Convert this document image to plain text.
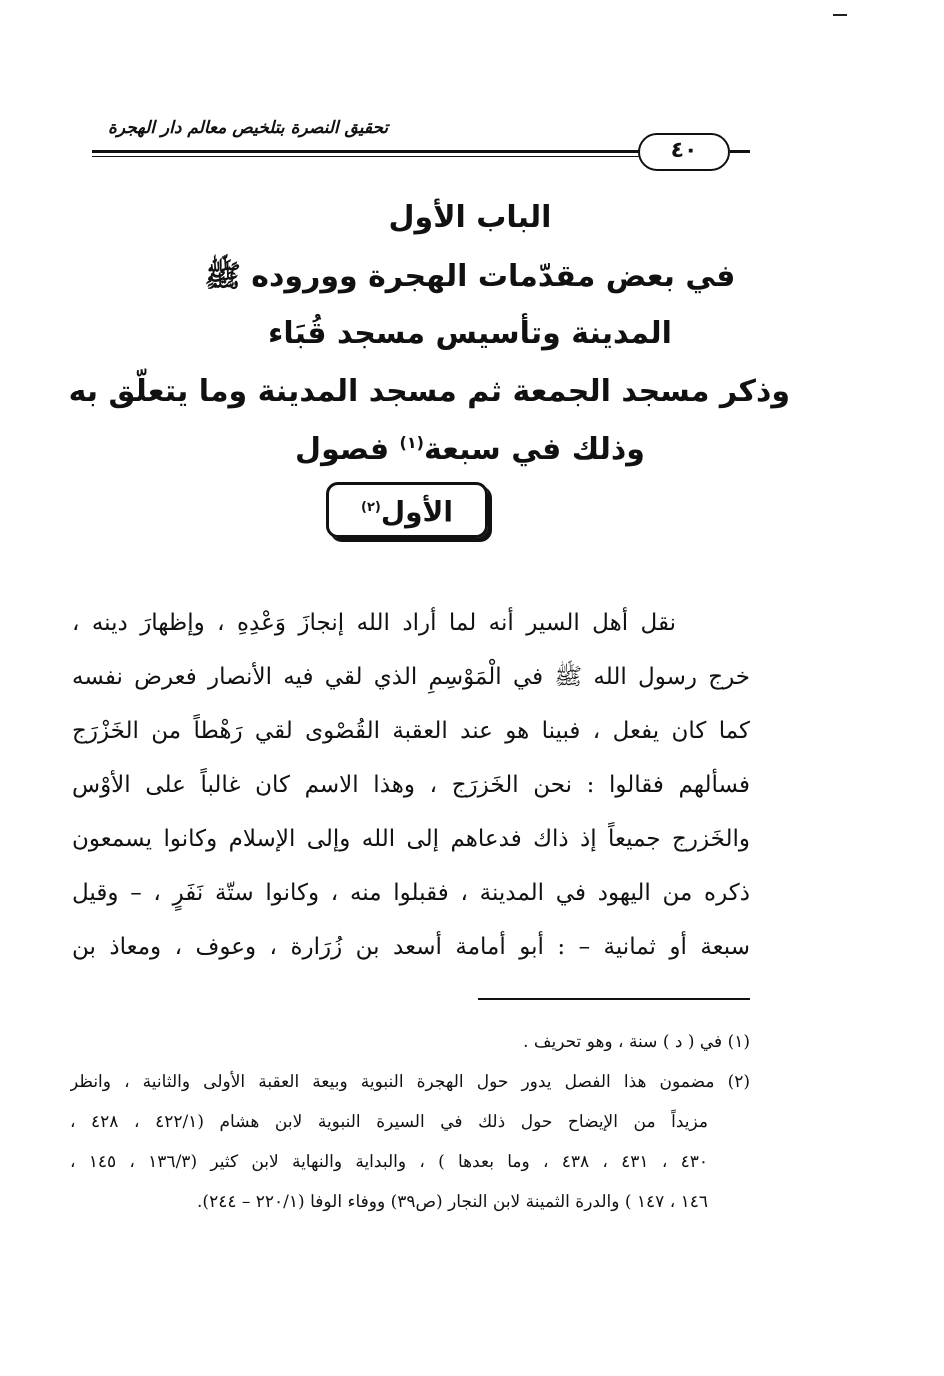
تحقيق النصرة بتلخيص معالم دار الهجرة
٤٠
الباب الأول
في بعض مقدّمات الهجرة ووروده ﷺ
المدينة وتأسيس مسجد قُبَاء
وذكر مسجد الجمعة ثم مسجد المدينة وما يتعلّق به
وذلك في سبعة$^{(١)}$ فصول
الأول$^{(٢)}$
نقل أهل السير أنه لما أراد الله إنجازَ وَعْدِهِ ، وإظهارَ دينه ،
خرج رسول الله ﷺ في الْمَوْسِمِ الذي لقي فيه الأنصار فعرض نفسه
كما كان يفعل ، فبينا هو عند العقبة القُصْوى لقي رَهْطاً من الخَزْرَج
فسألهم فقالوا : نحن الخَزرَج ، وهذا الاسم كان غالباً على الأوْس
والخَزرج جميعاً إذ ذاك فدعاهم إلى الله وإلى الإسلام وكانوا يسمعون
ذكره من اليهود في المدينة ، فقبلوا منه ، وكانوا ستّة نَفَرٍ ، – وقيل
سبعة أو ثمانية – : أبو أمامة أسعد بن زُرَارة ، وعوف ، ومعاذ بن
(١) في ( د ) سنة ، وهو تحريف .
(٢) مضمون هذا الفصل يدور حول الهجرة النبوية وبيعة العقبة الأولى والثانية ، وانظر
مزيداً من الإيضاح حول ذلك في السيرة النبوية لابن هشام (٤٢٢/١ ، ٤٢٨ ،
٤٣٠ ، ٤٣١ ، ٤٣٨ ، وما بعدها ) ، والبداية والنهاية لابن كثير (١٣٦/٣ ، ١٤٥ ،
١٤٦ ، ١٤٧ ) والدرة الثمينة لابن النجار (ص٣٩) ووفاء الوفا (٢٢٠/١ – ٢٤٤).
